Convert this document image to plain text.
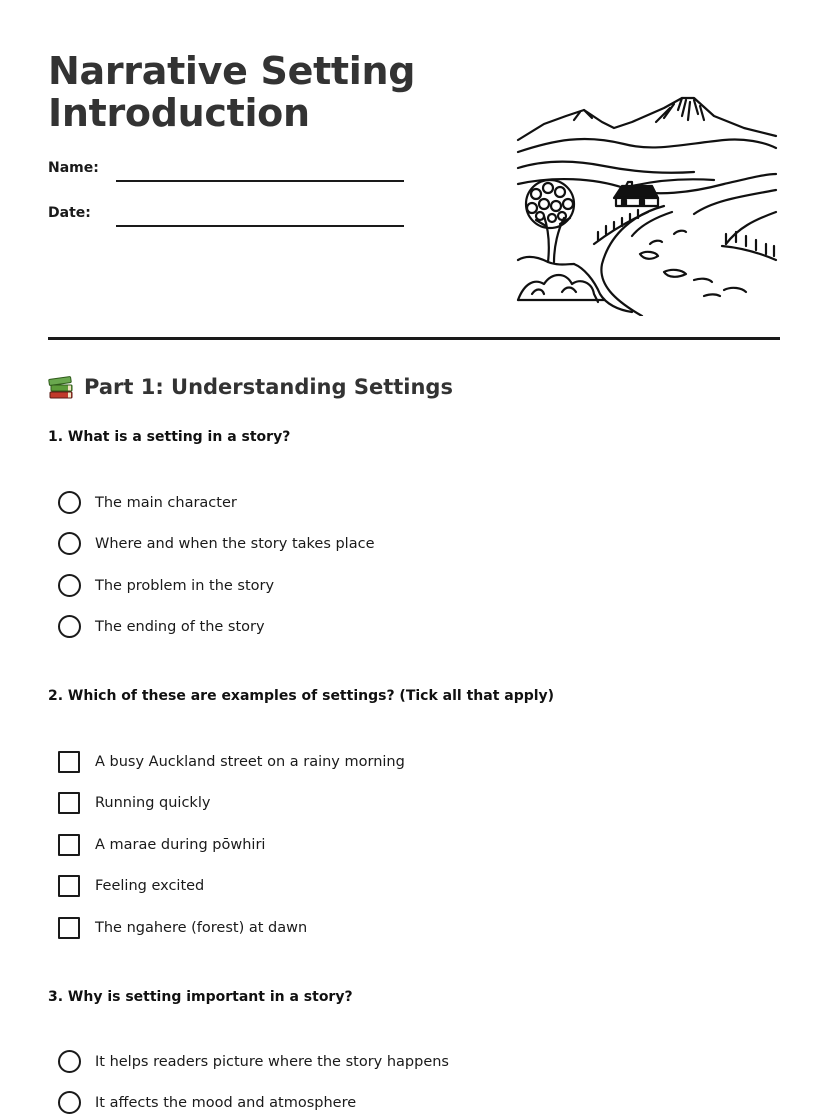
Narrative Setting
Introduction
Name:
Date:
Part 1: Understanding Settings
1. What is a setting in a story?
The main character
Where and when the story takes place
The problem in the story
The ending of the story
2. Which of these are examples of settings? (Tick all that apply)
A busy Auckland street on a rainy morning
Running quickly
A marae during pōwhiri
Feeling excited
The ngahere (forest) at dawn
3. Why is setting important in a story?
It helps readers picture where the story happens
It affects the mood and atmosphere
